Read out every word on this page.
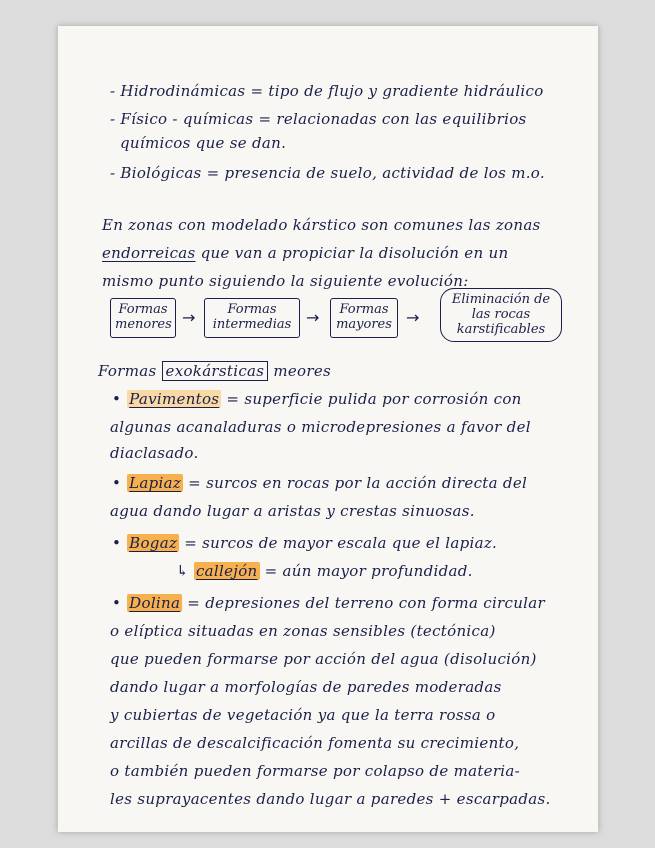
- Hidrodinámicas = tipo de flujo y gradiente hidráulico
- Físico - químicas = relacionadas con las equilibrios
químicos que se dan.
- Biológicas = presencia de suelo, actividad de los m.o.
En zonas con modelado kárstico son comunes las zonas
endorreicas que van a propiciar la disolución en un
mismo punto siguiendo la siguiente evolución:
Formas menores →	Formas intermedias →	Formas mayores →
Eliminación de las rocas karstificables
Formas exokársticas meores
• Pavimentos = superficie pulida por corrosión con
algunas acanaladuras o microdepresiones a favor del
diaclasado.
• Lapiaz = surcos en rocas por la acción directa del
agua dando lugar a aristas y crestas sinuosas.
• Bogaz = surcos de mayor escala que el lapiaz.
↳ callejón = aún mayor profundidad.
• Dolina = depresiones del terreno con forma circular
o elíptica situadas en zonas sensibles (tectónica)
que pueden formarse por acción del agua (disolución)
dando lugar a morfologías de paredes moderadas
y cubiertas de vegetación ya que la terra rossa o
arcillas de descalcificación fomenta su crecimiento,
o también pueden formarse por colapso de materia-
les suprayacentes dando lugar a paredes + escarpadas.
